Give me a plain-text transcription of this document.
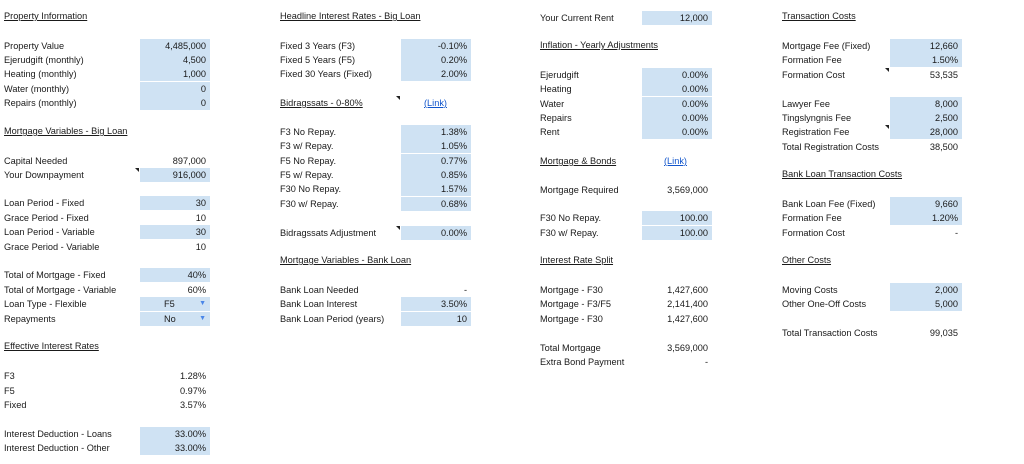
Property Information
Property Value	4,485,000
Ejerudgift (monthly)	4,500
Heating (monthly)	1,000
Water (monthly)	0
Repairs (monthly)	0
Mortgage Variables - Big Loan
Capital Needed	897,000
Your Downpayment	916,000
Loan Period - Fixed	30
Grace Period - Fixed	10
Loan Period - Variable	30
Grace Period - Variable	10
Total of Mortgage - Fixed	40%
Total of Mortgage - Variable	60%
Loan Type - Flexible	F5	▼
Repayments	No	▼
Effective Interest Rates
F3	1.28%
F5	0.97%
Fixed	3.57%
Interest Deduction - Loans	33.00%
Interest Deduction - Other	33.00%
Headline Interest Rates - Big Loan
Fixed 3 Years (F3)	-0.10%
Fixed 5 Years (F5)	0.20%
Fixed 30 Years (Fixed)	2.00%
Bidragssats - 0-80%	(Link)
F3 No Repay.	1.38%
F3 w/ Repay.	1.05%
F5 No Repay.	0.77%
F5 w/ Repay.	0.85%
F30 No Repay.	1.57%
F30 w/ Repay.	0.68%
Bidragssats Adjustment	0.00%
Mortgage Variables - Bank Loan
Bank Loan Needed	-
Bank Loan Interest	3.50%
Bank Loan Period (years)	10
Your Current Rent	12,000
Inflation - Yearly Adjustments
Ejerudgift	0.00%
Heating	0.00%
Water	0.00%
Repairs	0.00%
Rent	0.00%
Mortgage & Bonds	(Link)
Mortgage Required	3,569,000
F30 No Repay.	100.00
F30 w/ Repay.	100.00
Interest Rate Split
Mortgage - F30	1,427,600
Mortgage - F3/F5	2,141,400
Mortgage - F30	1,427,600
Total Mortgage	3,569,000
Extra Bond Payment	-
Transaction Costs
Mortgage Fee (Fixed)	12,660
Formation Fee	1.50%
Formation Cost	53,535
Lawyer Fee	8,000
Tingslyngnis Fee	2,500
Registration Fee	28,000
Total Registration Costs	38,500
Bank Loan Transaction Costs
Bank Loan Fee (Fixed)	9,660
Formation Fee	1.20%
Formation Cost	-
Other Costs
Moving Costs	2,000
Other One-Off Costs	5,000
Total Transaction Costs	99,035
